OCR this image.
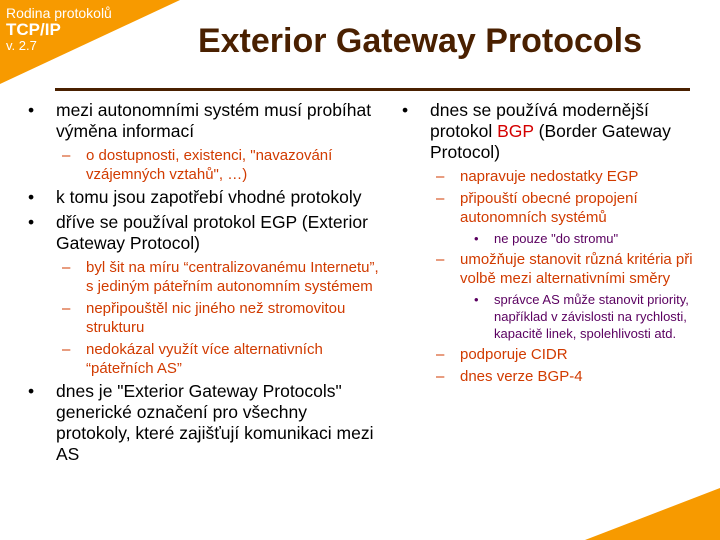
Rodina protokolů
TCP/IP
v. 2.7	Exterior Gateway Protocols
• mezi autonomními systém musí probíhat výměna informací
– o dostupnosti, existenci, "navazování vzájemných vztahů", …)
• k tomu jsou zapotřebí vhodné protokoly
• dříve se používal protokol EGP (Exterior Gateway Protocol)
– byl šit na míru “centralizovanému Internetu”, s jediným páteřním autonomním systémem
– nepřipouštěl nic jiného než stromovitou strukturu
– nedokázal využít více alternativních “páteřních AS”
• dnes je "Exterior Gateway Protocols" generické označení pro všechny protokoly, které zajišťují komunikaci mezi AS
• dnes se používá modernější protokol BGP (Border Gateway Protocol)
– napravuje nedostatky EGP
– připouští obecné propojení autonomních systémů
• ne pouze "do stromu"
– umožňuje stanovit různá kritéria při volbě mezi alternativními směry
• správce AS může stanovit priority, například v závislosti na rychlosti, kapacitě linek, spolehlivosti atd.
– podporuje CIDR
– dnes verze BGP-4
